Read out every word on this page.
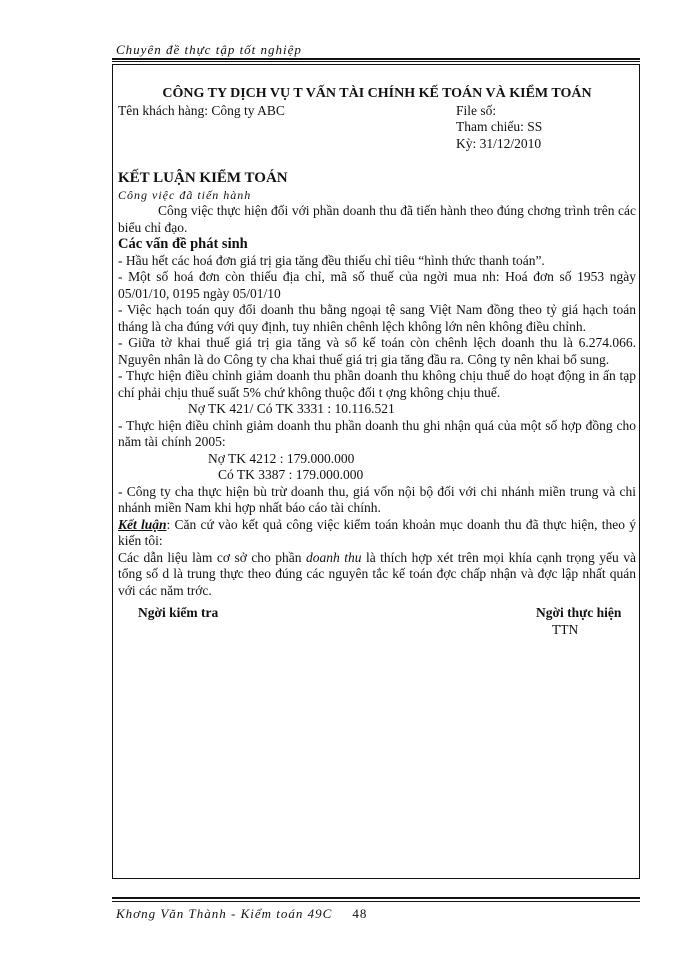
Chuyên đề thực tập tốt nghiệp

CÔNG TY DỊCH VỤ T VẤN TÀI CHÍNH KẾ TOÁN VÀ KIỂM TOÁN

Tên khách hàng: Công ty ABC	File số:
Tham chiếu: SS
Kỳ: 31/12/2010
KẾT LUẬN KIỂM TOÁN
Công việc đã tiến hành
Công việc thực hiện đối với phần doanh thu đã tiến hành theo đúng chơng trình trên các biểu chỉ đạo.
Các vấn đề phát sinh
- Hầu hết các hoá đơn giá trị gia tăng đều thiếu chỉ tiêu “hình thức thanh toán”.
- Một số hoá đơn còn thiếu địa chỉ, mã số thuế của ngời mua nh: Hoá đơn số 1953 ngày 05/01/10, 0195 ngày 05/01/10
- Việc hạch toán quy đổi doanh thu bằng ngoại tệ sang Việt Nam đồng theo tỷ giá hạch toán tháng là cha đúng với quy định, tuy nhiên chênh lệch không lớn nên không điều chỉnh.
- Giữa tờ khai thuế giá trị gia tăng và sổ kế toán còn chênh lệch doanh thu là 6.274.066. Nguyên nhân là do Công ty cha khai thuế giá trị gia tăng đầu ra. Công ty nên khai bổ sung.
- Thực hiện điều chỉnh giảm doanh thu phần doanh thu không chịu thuế do hoạt động in ấn tạp chí phải chịu thuế suất 5% chứ không thuộc đối t ợng không chịu thuế.
Nợ TK 421/ Có TK 3331 : 10.116.521
- Thực hiện điều chỉnh giảm doanh thu phần doanh thu ghi nhận quá của một số hợp đồng cho năm tài chính 2005:
Nợ TK 4212 : 179.000.000
Có TK 3387 : 179.000.000
- Công ty cha thực hiện bù trừ doanh thu, giá vốn nội bộ đối với chi nhánh miền trung và chi nhánh miền Nam khi hợp nhất báo cáo tài chính.
Kết luận: Căn cứ vào kết quả công việc kiểm toán khoản mục doanh thu đã thực hiện, theo ý kiến tôi:
Các dẫn liệu làm cơ sở cho phần doanh thu là thích hợp xét trên mọi khía cạnh trọng yếu và tổng số d là trung thực theo đúng các nguyên tắc kế toán đợc chấp nhận và đợc lập nhất quán với các năm trớc.
Ngời kiểm tra	Ngời thực hiện
TTN
Khơng Văn Thành - Kiểm toán 49C 48
